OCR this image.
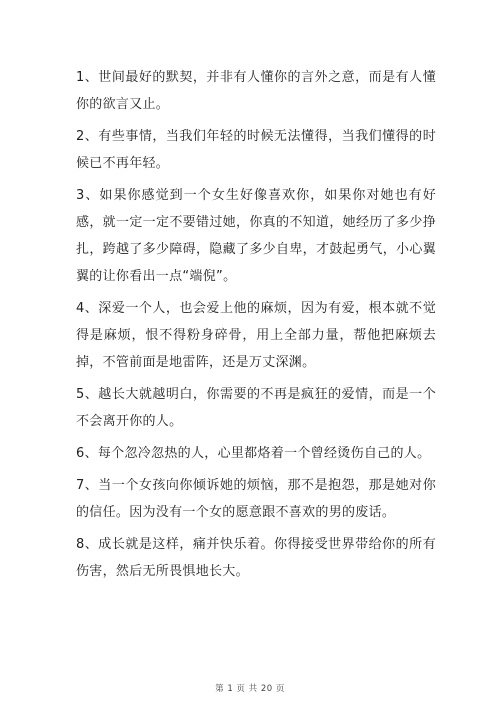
1、世间最好的默契，并非有人懂你的言外之意，而是有人懂你的欲言又止。

2、有些事情，当我们年轻的时候无法懂得，当我们懂得的时候已不再年轻。

3、如果你感觉到一个女生好像喜欢你，如果你对她也有好感，就一定一定不要错过她，你真的不知道，她经历了多少挣扎，跨越了多少障碍，隐藏了多少自卑，才鼓起勇气，小心翼翼的让你看出一点“端倪”。

4、深爱一个人，也会爱上他的麻烦，因为有爱，根本就不觉得是麻烦，恨不得粉身碎骨，用上全部力量，帮他把麻烦去掉，不管前面是地雷阵，还是万丈深渊。

5、越长大就越明白，你需要的不再是疯狂的爱情，而是一个不会离开你的人。

6、每个忽冷忽热的人，心里都烙着一个曾经烫伤自己的人。

7、当一个女孩向你倾诉她的烦恼，那不是抱怨，那是她对你的信任。因为没有一个女的愿意跟不喜欢的男的废话。

8、成长就是这样，痛并快乐着。你得接受世界带给你的所有伤害，然后无所畏惧地长大。

第 1 页 共 20 页
